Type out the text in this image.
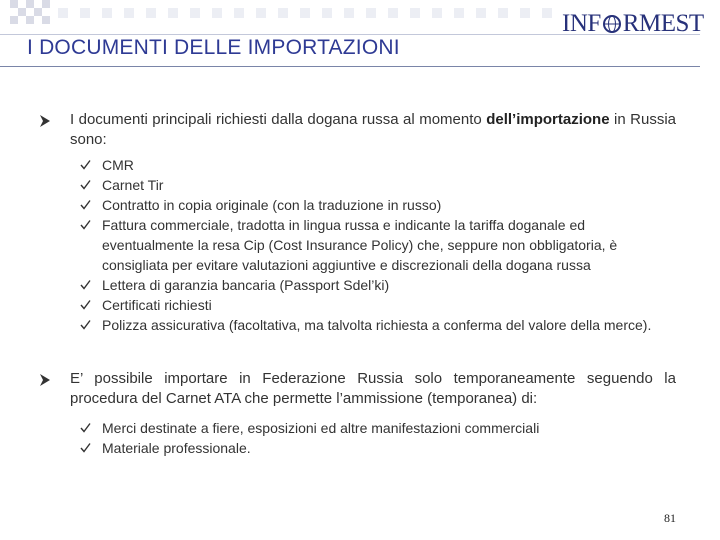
INF RMEST
I DOCUMENTI DELLE IMPORTAZIONI
I documenti principali richiesti dalla dogana russa al momento dell’importazione in Russia sono:
CMR
Carnet Tir
Contratto in copia originale (con la traduzione in russo)
Fattura commerciale, tradotta in lingua russa e indicante la tariffa doganale ed eventualmente la resa Cip (Cost Insurance Policy) che, seppure non obbligatoria, è consigliata per evitare valutazioni aggiuntive e discrezionali della dogana russa
Lettera di garanzia bancaria (Passport Sdel’ki)
Certificati richiesti
Polizza assicurativa (facoltativa, ma talvolta richiesta a conferma del valore della merce).
E’ possibile importare in Federazione Russia solo temporaneamente seguendo la procedura del Carnet ATA che permette l’ammissione (temporanea) di:
Merci destinate a fiere, esposizioni ed altre manifestazioni commerciali
Materiale professionale.
81
